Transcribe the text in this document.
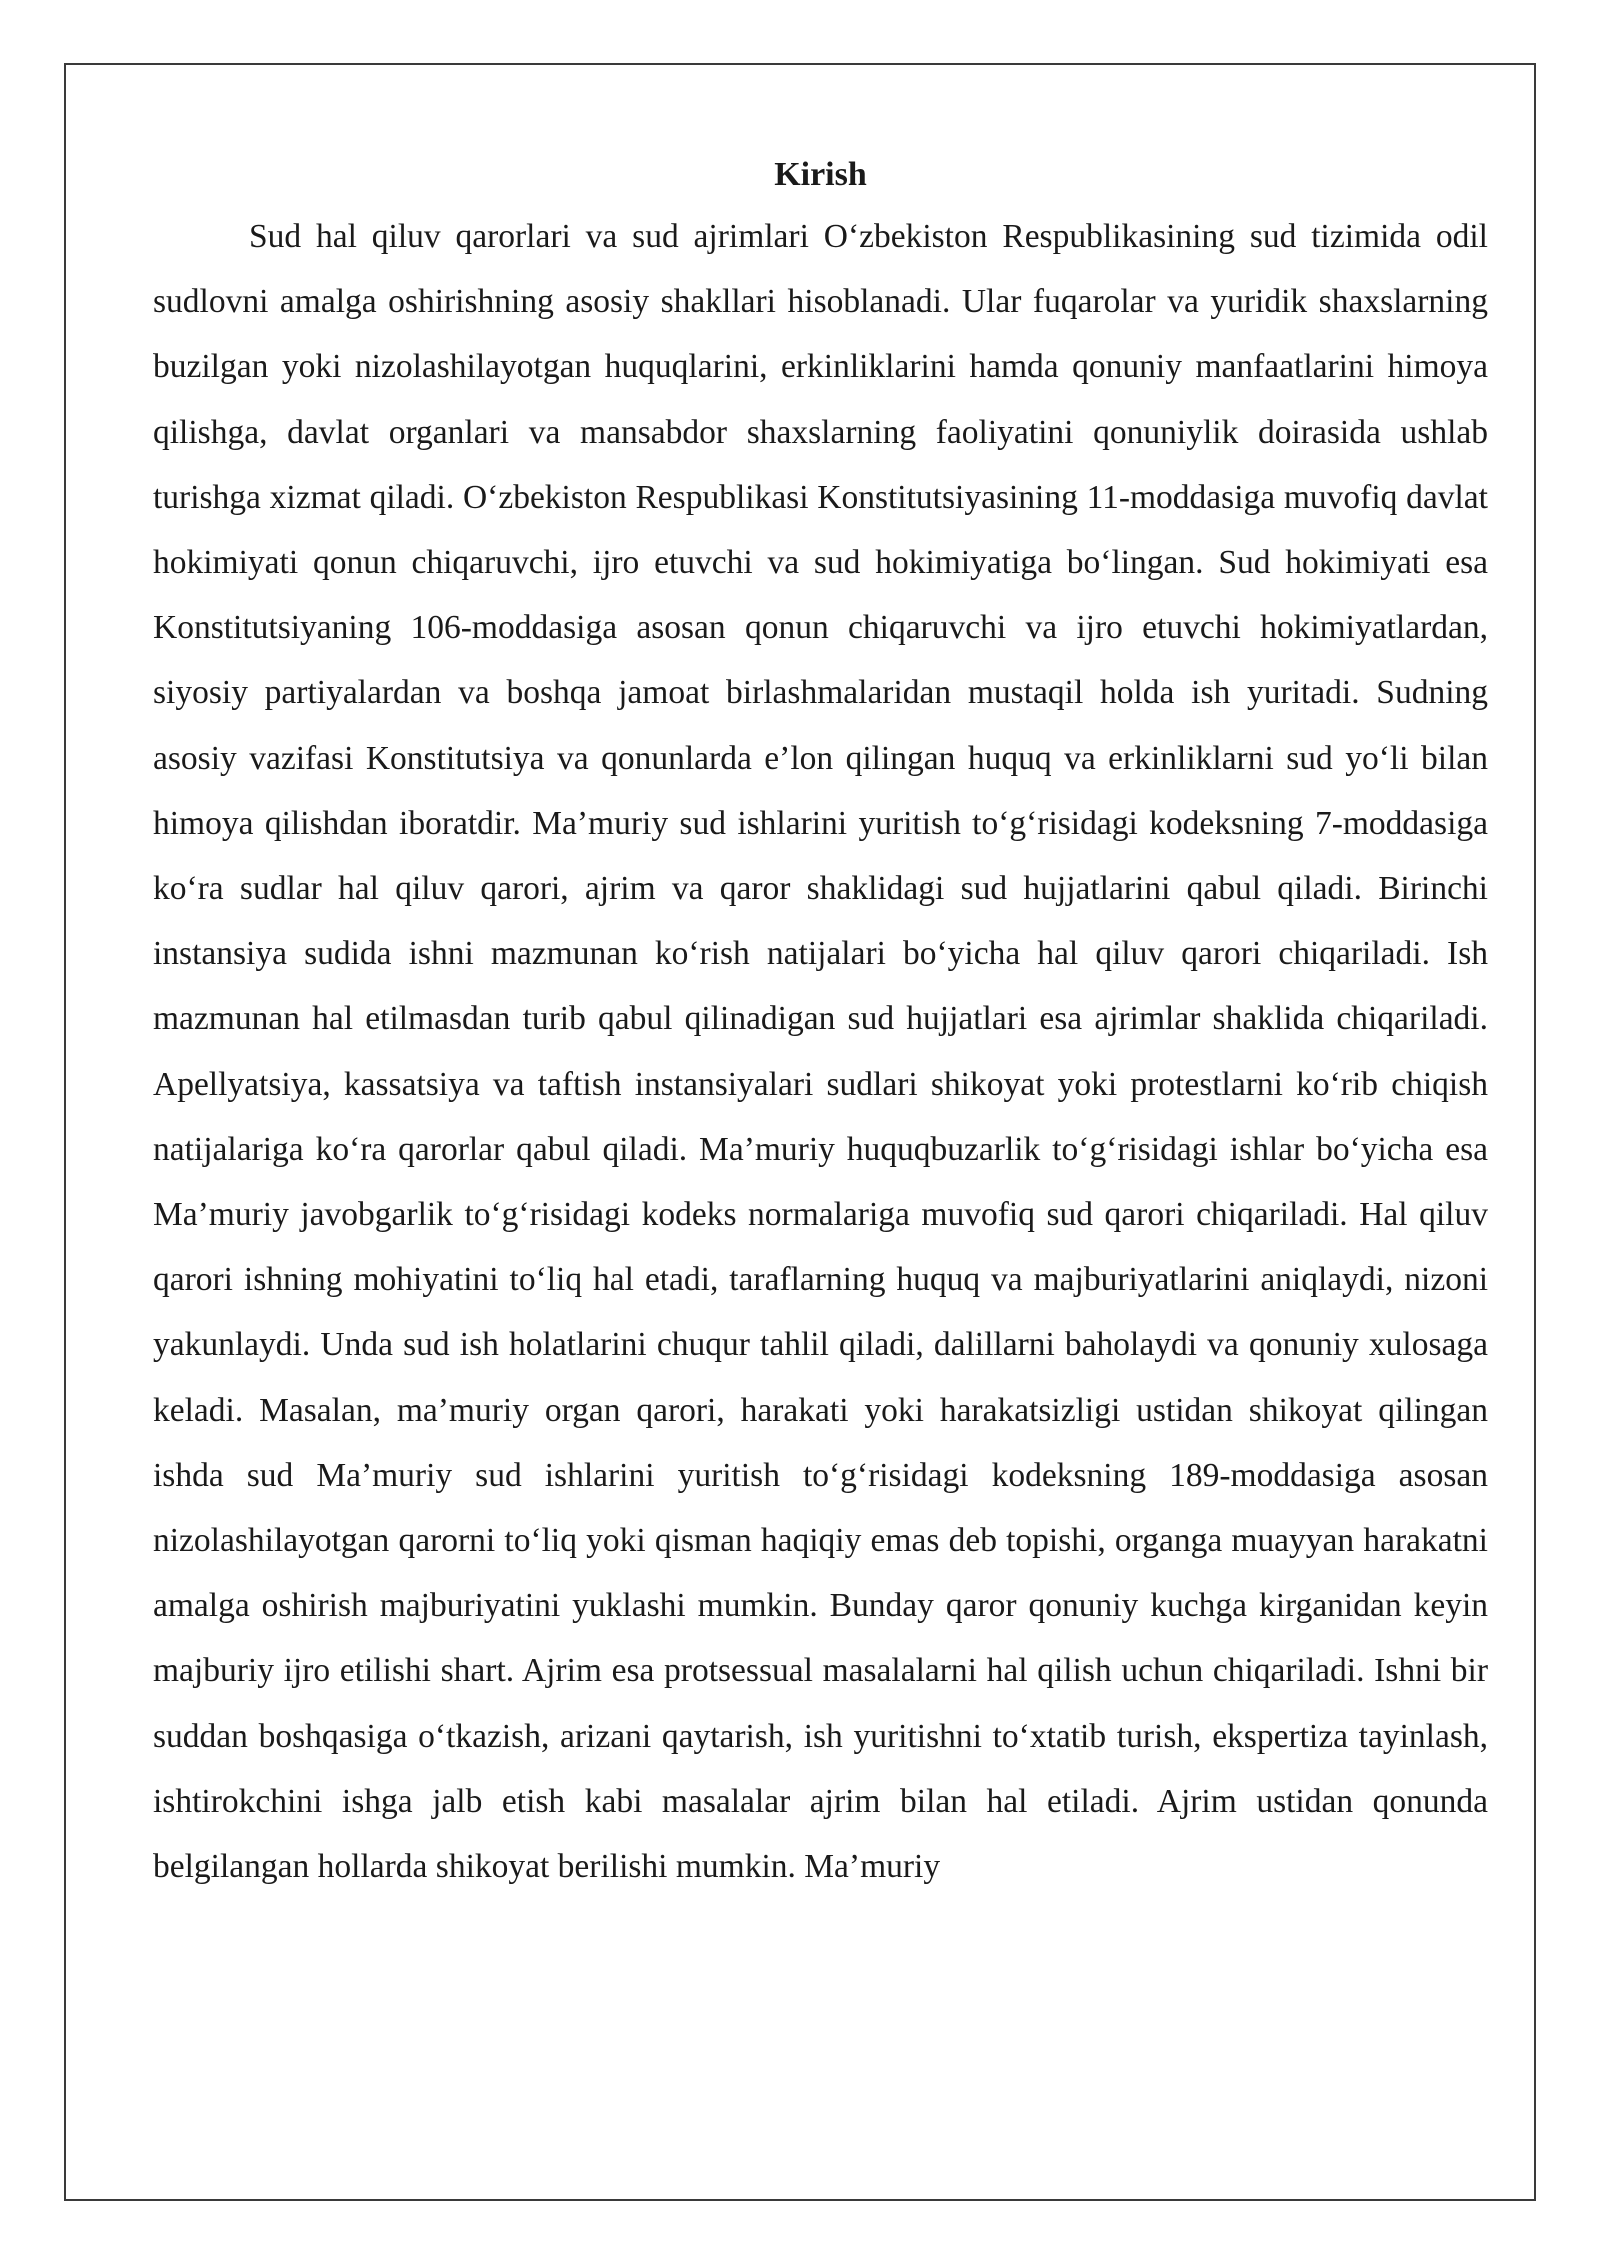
Kirish

Sud hal qiluv qarorlari va sud ajrimlari O‘zbekiston Respublikasining sud tizimida odil sudlovni amalga oshirishning asosiy shakllari hisoblanadi. Ular fuqarolar va yuridik shaxslarning buzilgan yoki nizolashilayotgan huquqlarini, erkinliklarini hamda qonuniy manfaatlarini himoya qilishga, davlat organlari va mansabdor shaxslarning faoliyatini qonuniylik doirasida ushlab turishga xizmat qiladi. O‘zbekiston Respublikasi Konstitutsiyasining 11-moddasiga muvofiq davlat hokimiyati qonun chiqaruvchi, ijro etuvchi va sud hokimiyatiga bo‘lingan. Sud hokimiyati esa Konstitutsiyaning 106-moddasiga asosan qonun chiqaruvchi va ijro etuvchi hokimiyatlardan, siyosiy partiyalardan va boshqa jamoat birlashmalaridan mustaqil holda ish yuritadi. Sudning asosiy vazifasi Konstitutsiya va qonunlarda e’lon qilingan huquq va erkinliklarni sud yo‘li bilan himoya qilishdan iboratdir. Ma’muriy sud ishlarini yuritish to‘g‘risidagi kodeksning 7-moddasiga ko‘ra sudlar hal qiluv qarori, ajrim va qaror shaklidagi sud hujjatlarini qabul qiladi. Birinchi instansiya sudida ishni mazmunan ko‘rish natijalari bo‘yicha hal qiluv qarori chiqariladi. Ish mazmunan hal etilmasdan turib qabul qilinadigan sud hujjatlari esa ajrimlar shaklida chiqariladi. Apellyatsiya, kassatsiya va taftish instansiyalari sudlari shikoyat yoki protestlarni ko‘rib chiqish natijalariga ko‘ra qarorlar qabul qiladi. Ma’muriy huquqbuzarlik to‘g‘risidagi ishlar bo‘yicha esa Ma’muriy javobgarlik to‘g‘risidagi kodeks normalariga muvofiq sud qarori chiqariladi. Hal qiluv qarori ishning mohiyatini to‘liq hal etadi, taraflarning huquq va majburiyatlarini aniqlaydi, nizoni yakunlaydi. Unda sud ish holatlarini chuqur tahlil qiladi, dalillarni baholaydi va qonuniy xulosaga keladi. Masalan, ma’muriy organ qarori, harakati yoki harakatsizligi ustidan shikoyat qilingan ishda sud Ma’muriy sud ishlarini yuritish to‘g‘risidagi kodeksning 189-moddasiga asosan nizolashilayotgan qarorni to‘liq yoki qisman haqiqiy emas deb topishi, organga muayyan harakatni amalga oshirish majburiyatini yuklashi mumkin. Bunday qaror qonuniy kuchga kirganidan keyin majburiy ijro etilishi shart. Ajrim esa protsessual masalalarni hal qilish uchun chiqariladi. Ishni bir suddan boshqasiga o‘tkazish, arizani qaytarish, ish yuritishni to‘xtatib turish, ekspertiza tayinlash, ishtirokchini ishga jalb etish kabi masalalar ajrim bilan hal etiladi. Ajrim ustidan qonunda belgilangan hollarda shikoyat berilishi mumkin. Ma’muriy
